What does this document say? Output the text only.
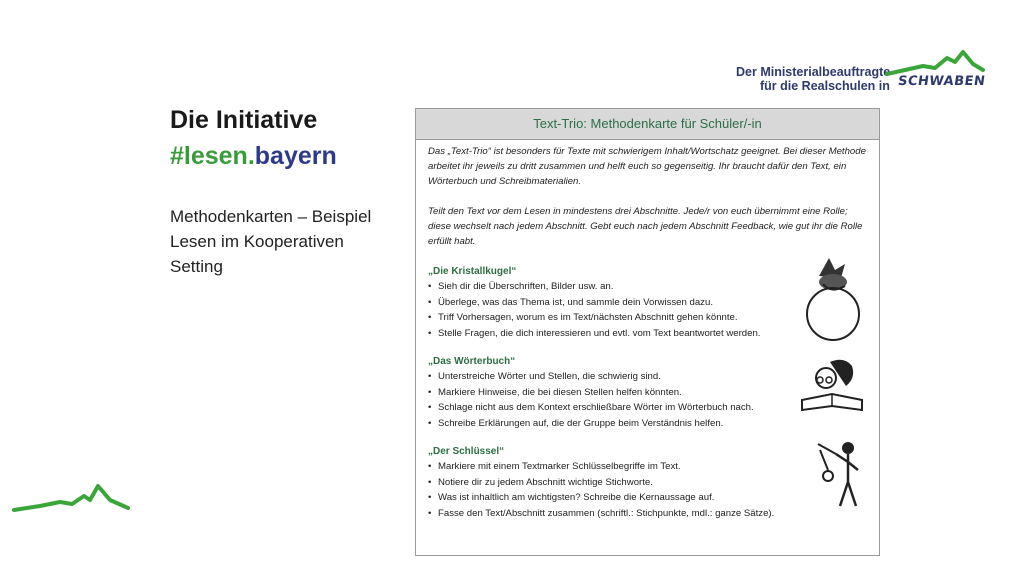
Der Ministerialbeauftragte
für die Realschulen in SCHWABEN
Die Initiative
#lesen.bayern
Methodenkarten – Beispiel Lesen im Kooperativen Setting
Text-Trio: Methodenkarte für Schüler/-in

Das „Text-Trio“ ist besonders für Texte mit schwierigem Inhalt/Wortschatz geeignet. Bei dieser Methode arbeitet ihr jeweils zu dritt zusammen und helft euch so gegenseitig. Ihr braucht dafür den Text, ein Wörterbuch und Schreibmaterialien.

Teilt den Text vor dem Lesen in mindestens drei Abschnitte. Jede/r von euch übernimmt eine Rolle; diese wechselt nach jedem Abschnitt. Gebt euch nach jedem Abschnitt Feedback, wie gut ihr die Rolle erfüllt habt.

„Die Kristallkugel“
• Sieh dir die Überschriften, Bilder usw. an.
• Überlege, was das Thema ist, und sammle dein Vorwissen dazu.
• Triff Vorhersagen, worum es im Text/nächsten Abschnitt gehen könnte.
• Stelle Fragen, die dich interessieren und evtl. vom Text beantwortet werden.
„Das Wörterbuch“
• Unterstreiche Wörter und Stellen, die schwierig sind.
• Markiere Hinweise, die bei diesen Stellen helfen könnten.
• Schlage nicht aus dem Kontext erschließbare Wörter im Wörterbuch nach.
• Schreibe Erklärungen auf, die der Gruppe beim Verständnis helfen.
„Der Schlüssel“
• Markiere mit einem Textmarker Schlüsselbegriffe im Text.
• Notiere dir zu jedem Abschnitt wichtige Stichworte.
• Was ist inhaltlich am wichtigsten? Schreibe die Kernaussage auf.
• Fasse den Text/Abschnitt zusammen (schriftl.: Stichpunkte, mdl.: ganze Sätze).
